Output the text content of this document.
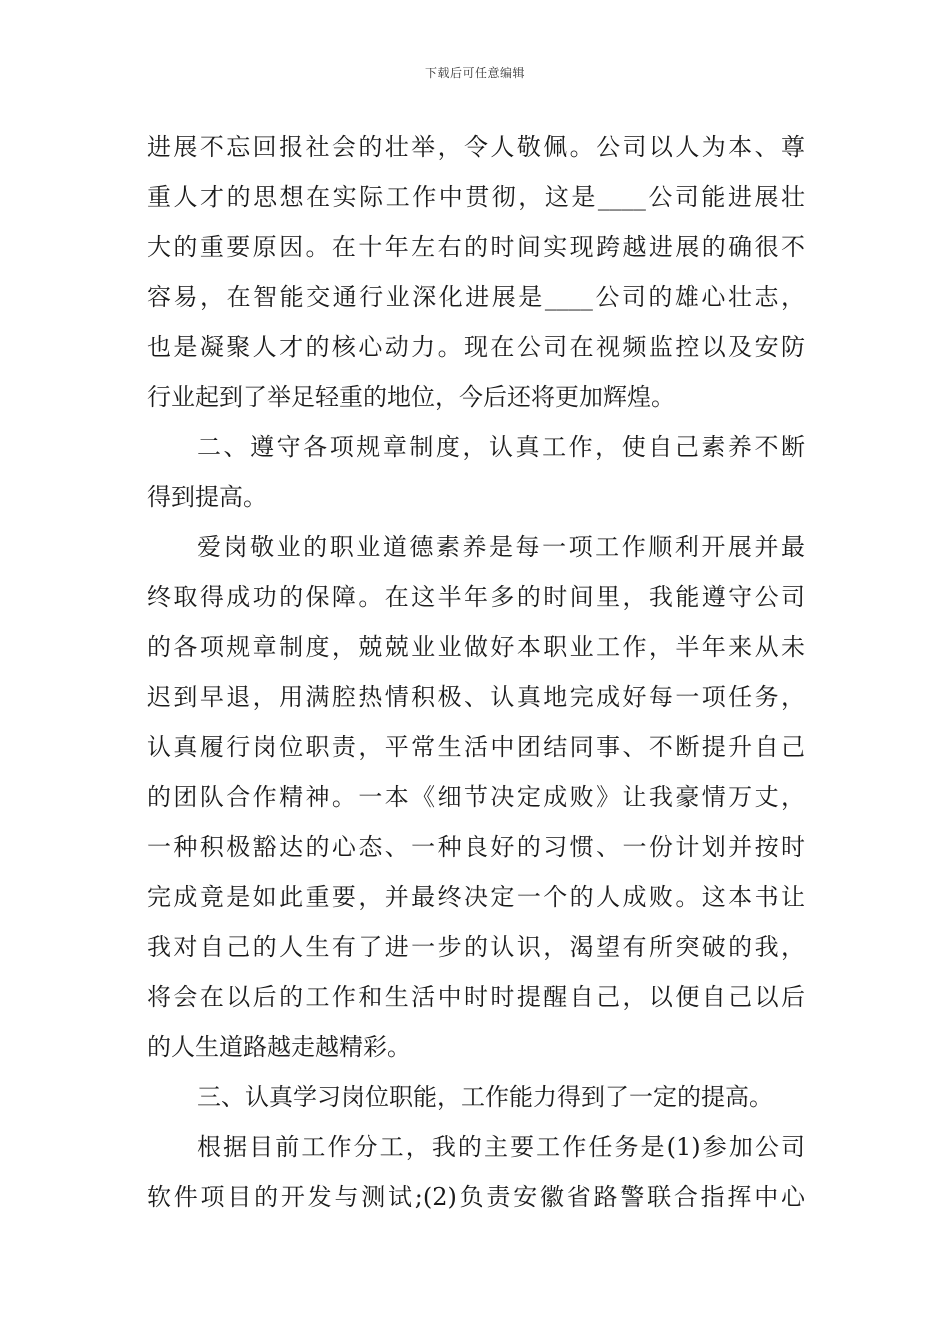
下载后可任意编辑
进展不忘回报社会的壮举，令人敬佩。公司以人为本、尊
重人才的思想在实际工作中贯彻，这是____公司能进展壮
大的重要原因。在十年左右的时间实现跨越进展的确很不
容易，在智能交通行业深化进展是____公司的雄心壮志，
也是凝聚人才的核心动力。现在公司在视频监控以及安防
行业起到了举足轻重的地位，今后还将更加辉煌。
二、遵守各项规章制度，认真工作，使自己素养不断
得到提高。
爱岗敬业的职业道德素养是每一项工作顺利开展并最
终取得成功的保障。在这半年多的时间里，我能遵守公司
的各项规章制度，兢兢业业做好本职业工作，半年来从未
迟到早退，用满腔热情积极、认真地完成好每一项任务，
认真履行岗位职责，平常生活中团结同事、不断提升自己
的团队合作精神。一本《细节决定成败》让我豪情万丈，
一种积极豁达的心态、一种良好的习惯、一份计划并按时
完成竟是如此重要，并最终决定一个的人成败。这本书让
我对自己的人生有了进一步的认识，渴望有所突破的我，
将会在以后的工作和生活中时时提醒自己，以便自己以后
的人生道路越走越精彩。
三、认真学习岗位职能，工作能力得到了一定的提高。
根据目前工作分工，我的主要工作任务是(1)参加公司
软件项目的开发与测试;(2)负责安徽省路警联合指挥中心
